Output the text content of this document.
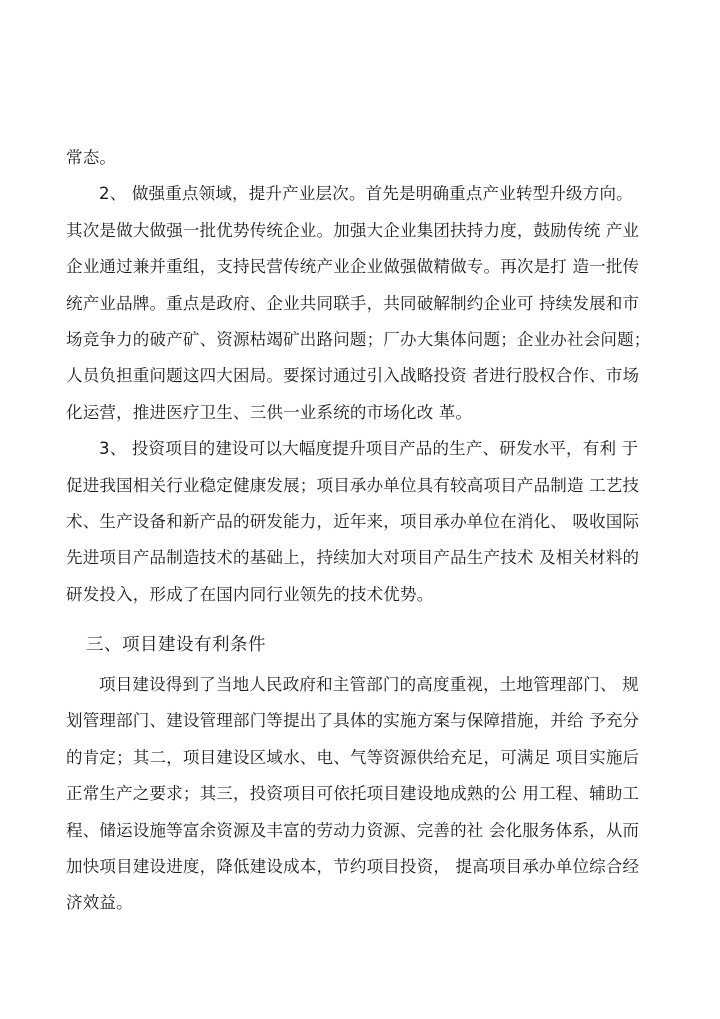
常态。
2、 做强重点领域，提升产业层次。首先是明确重点产业转型升级方向。
其次是做大做强一批优势传统企业。加强大企业集团扶持力度，鼓励传统 产业
企业通过兼并重组，支持民营传统产业企业做强做精做专。再次是打 造一批传
统产业品牌。重点是政府、企业共同联手，共同破解制约企业可 持续发展和市
场竞争力的破产矿、资源枯竭矿出路问题；厂办大集体问题；企业办社会问题；
人员负担重问题这四大困局。要探讨通过引入战略投资 者进行股权合作、市场
化运营，推进医疗卫生、三供一业系统的市场化改 革。
3、 投资项目的建设可以大幅度提升项目产品的生产、研发水平，有利 于
促进我国相关行业稳定健康发展；项目承办单位具有较高项目产品制造 工艺技
术、生产设备和新产品的研发能力，近年来，项目承办单位在消化、 吸收国际
先进项目产品制造技术的基础上，持续加大对项目产品生产技术 及相关材料的
研发投入，形成了在国内同行业领先的技术优势。
三、项目建设有利条件
项目建设得到了当地人民政府和主管部门的高度重视，土地管理部门、 规
划管理部门、建设管理部门等提出了具体的实施方案与保障措施，并给 予充分
的肯定；其二，项目建设区域水、电、气等资源供给充足，可满足 项目实施后
正常生产之要求；其三，投资项目可依托项目建设地成熟的公 用工程、辅助工
程、储运设施等富余资源及丰富的劳动力资源、完善的社 会化服务体系，从而
加快项目建设进度，降低建设成本，节约项目投资， 提高项目承办单位综合经
济效益。
